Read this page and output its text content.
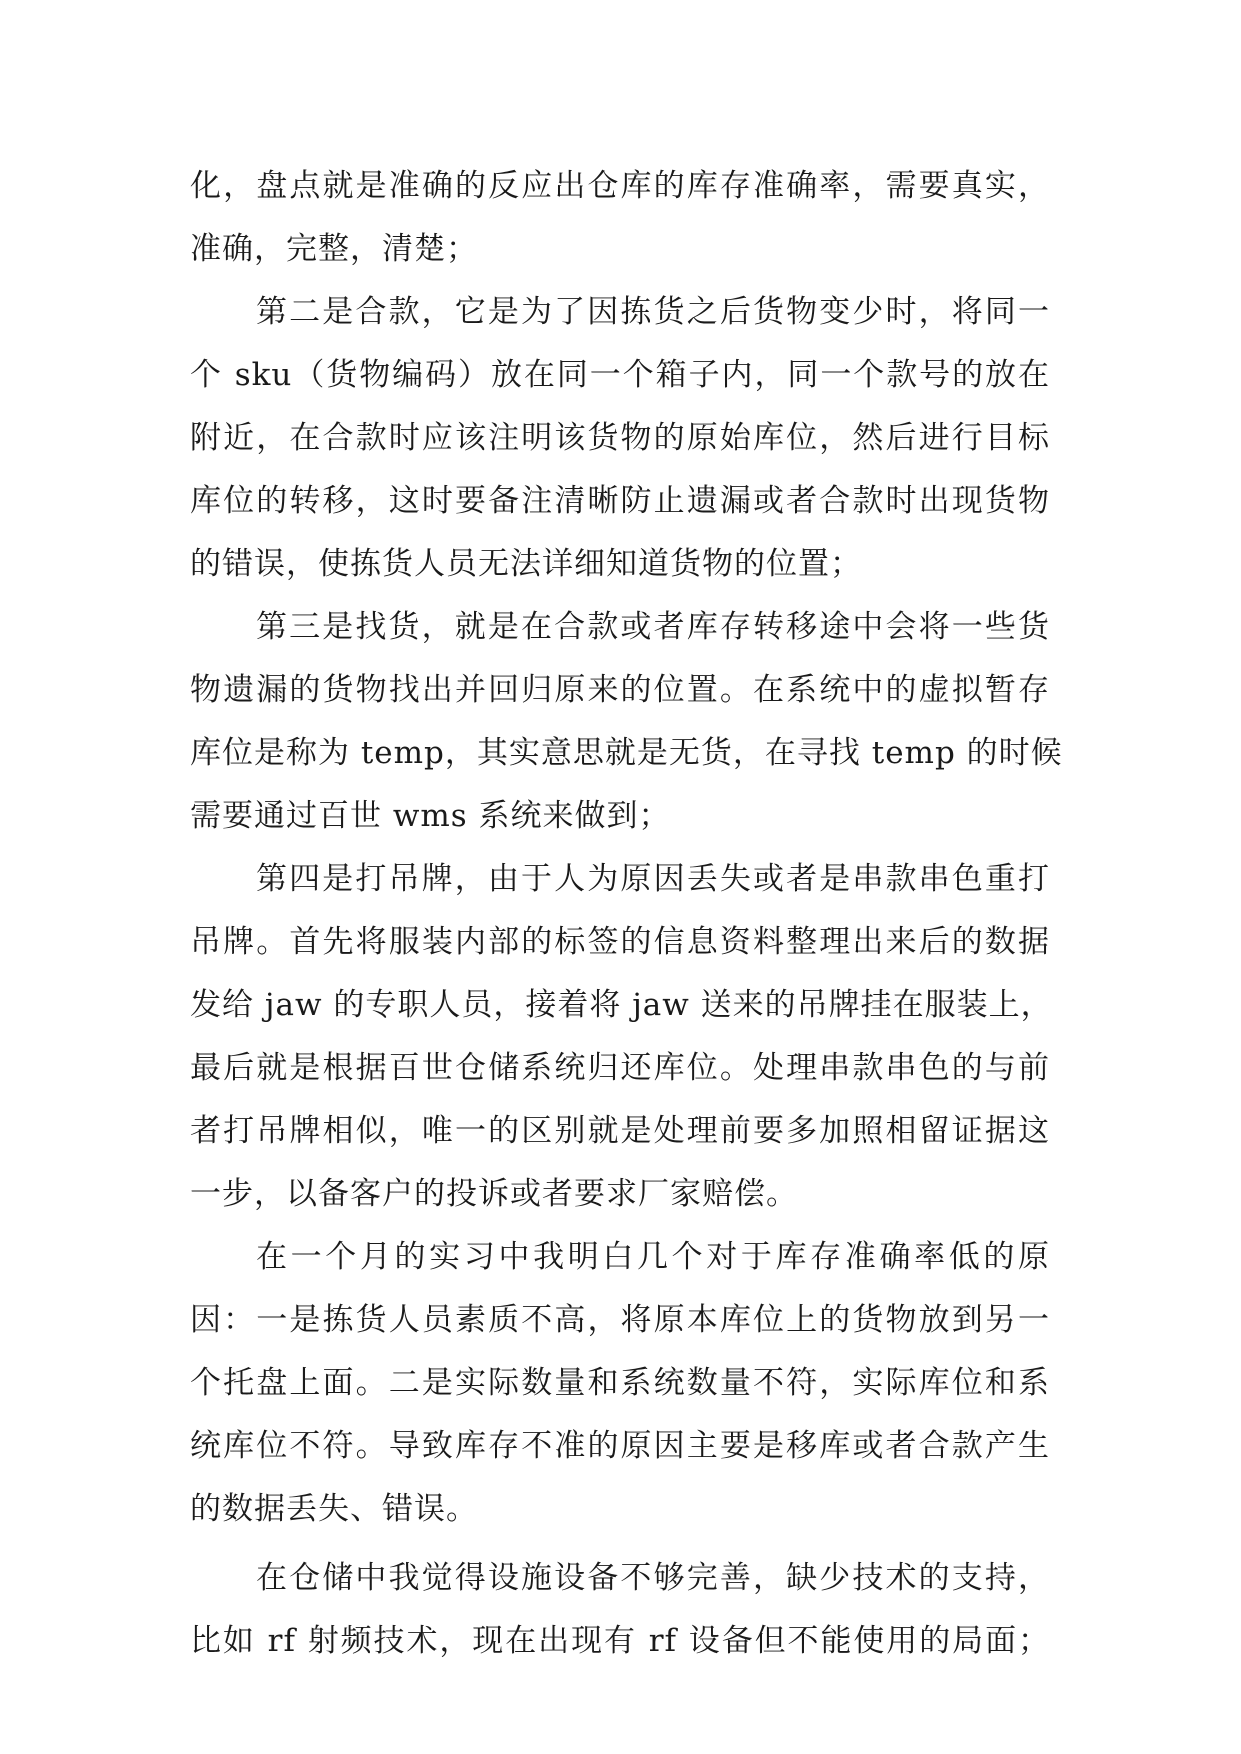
化，盘点就是准确的反应出仓库的库存准确率，需要真实，
准确，完整，清楚；
第二是合款，它是为了因拣货之后货物变少时，将同一
个 sku（货物编码）放在同一个箱子内，同一个款号的放在
附近，在合款时应该注明该货物的原始库位，然后进行目标
库位的转移，这时要备注清晰防止遗漏或者合款时出现货物
的错误，使拣货人员无法详细知道货物的位置；
第三是找货，就是在合款或者库存转移途中会将一些货
物遗漏的货物找出并回归原来的位置。在系统中的虚拟暂存
库位是称为 temp，其实意思就是无货，在寻找 temp 的时候
需要通过百世 wms 系统来做到；
第四是打吊牌，由于人为原因丢失或者是串款串色重打
吊牌。首先将服装内部的标签的信息资料整理出来后的数据
发给 jaw 的专职人员，接着将 jaw 送来的吊牌挂在服装上，
最后就是根据百世仓储系统归还库位。处理串款串色的与前
者打吊牌相似，唯一的区别就是处理前要多加照相留证据这
一步，以备客户的投诉或者要求厂家赔偿。
在一个月的实习中我明白几个对于库存准确率低的原
因：一是拣货人员素质不高，将原本库位上的货物放到另一
个托盘上面。二是实际数量和系统数量不符，实际库位和系
统库位不符。导致库存不准的原因主要是移库或者合款产生
的数据丢失、错误。
在仓储中我觉得设施设备不够完善，缺少技术的支持，
比如 rf 射频技术，现在出现有 rf 设备但不能使用的局面；
